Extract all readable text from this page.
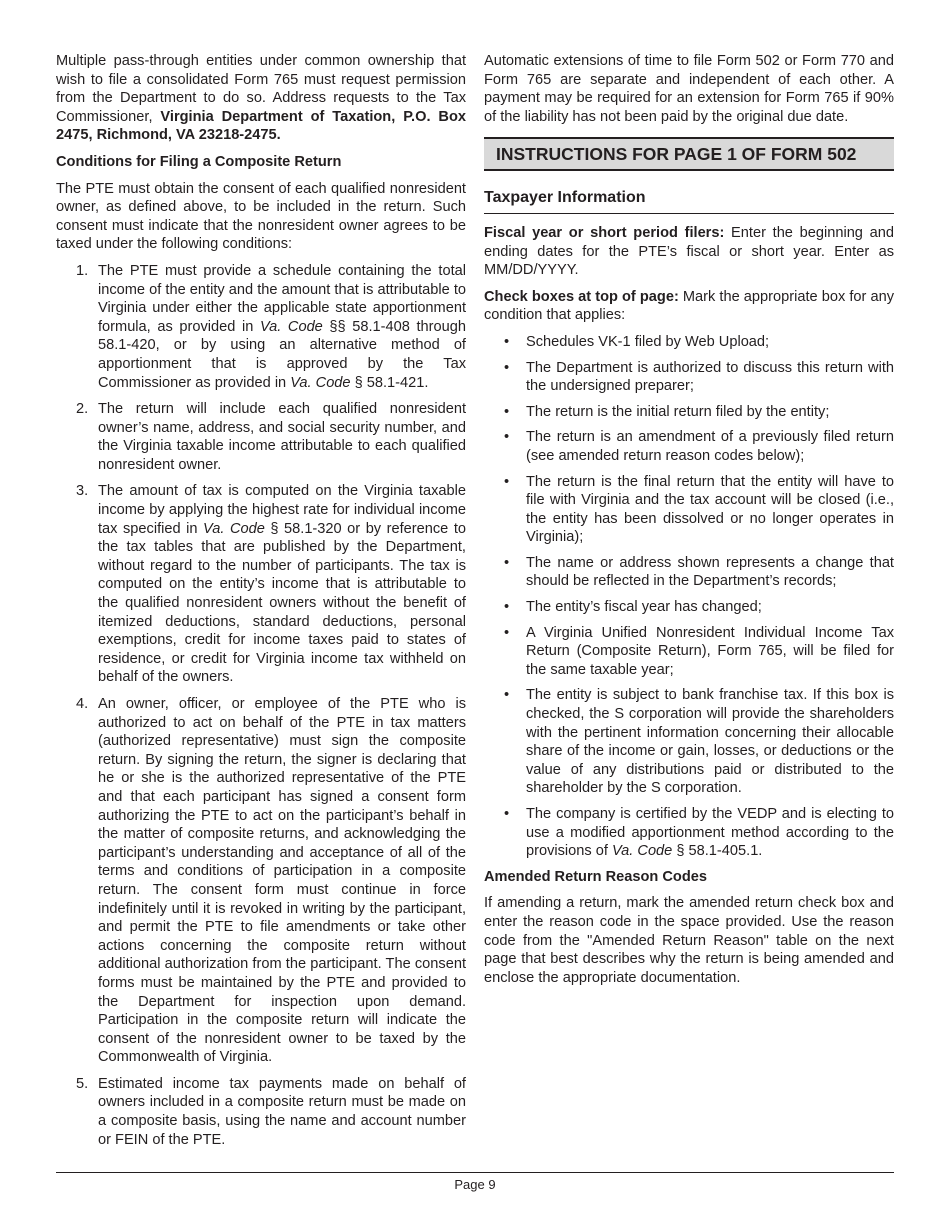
Multiple pass-through entities under common ownership that wish to file a consolidated Form 765 must request permission from the Department to do so. Address requests to the Tax Commissioner, Virginia Department of Taxation, P.O. Box 2475, Richmond, VA 23218-2475.

Conditions for Filing a Composite Return

The PTE must obtain the consent of each qualified nonresident owner, as defined above, to be included in the return. Such consent must indicate that the nonresident owner agrees to be taxed under the following conditions:

1. The PTE must provide a schedule containing the total income of the entity and the amount that is attributable to Virginia under either the applicable state apportionment formula, as provided in Va. Code §§ 58.1-408 through 58.1-420, or by using an alternative method of apportionment that is approved by the Tax Commissioner as provided in Va. Code § 58.1-421.
2. The return will include each qualified nonresident owner’s name, address, and social security number, and the Virginia taxable income attributable to each qualified nonresident owner.
3. The amount of tax is computed on the Virginia taxable income by applying the highest rate for individual income tax specified in Va. Code § 58.1-320 or by reference to the tax tables that are published by the Department, without regard to the number of participants. The tax is computed on the entity’s income that is attributable to the qualified nonresident owners without the benefit of itemized deductions, standard deductions, personal exemptions, credit for income taxes paid to states of residence, or credit for Virginia income tax withheld on behalf of the owners.
4. An owner, officer, or employee of the PTE who is authorized to act on behalf of the PTE in tax matters (authorized representative) must sign the composite return. By signing the return, the signer is declaring that he or she is the authorized representative of the PTE and that each participant has signed a consent form authorizing the PTE to act on the participant’s behalf in the matter of composite returns, and acknowledging the participant’s understanding and acceptance of all of the terms and conditions of participation in a composite return. The consent form must continue in force indefinitely until it is revoked in writing by the participant, and permit the PTE to file amendments or take other actions concerning the composite return without additional authorization from the participant. The consent forms must be maintained by the PTE and provided to the Department for inspection upon demand. Participation in the composite return will indicate the consent of the nonresident owner to be taxed by the Commonwealth of Virginia.
5. Estimated income tax payments made on behalf of owners included in a composite return must be made on a composite basis, using the name and account number or FEIN of the PTE.

Automatic extensions of time to file Form 502 or Form 770 and Form 765 are separate and independent of each other. A payment may be required for an extension for Form 765 if 90% of the liability has not been paid by the original due date.

INSTRUCTIONS FOR PAGE 1 OF FORM 502
Taxpayer Information

Fiscal year or short period filers: Enter the beginning and ending dates for the PTE’s fiscal or short year. Enter as MM/DD/YYYY.

Check boxes at top of page: Mark the appropriate box for any condition that applies:

• Schedules VK-1 filed by Web Upload;
• The Department is authorized to discuss this return with the undersigned preparer;
• The return is the initial return filed by the entity;
• The return is an amendment of a previously filed return (see amended return reason codes below);
• The return is the final return that the entity will have to file with Virginia and the tax account will be closed (i.e., the entity has been dissolved or no longer operates in Virginia);
• The name or address shown represents a change that should be reflected in the Department’s records;
• The entity’s fiscal year has changed;
• A Virginia Unified Nonresident Individual Income Tax Return (Composite Return), Form 765, will be filed for the same taxable year;
• The entity is subject to bank franchise tax. If this box is checked, the S corporation will provide the shareholders with the pertinent information concerning their allocable share of the income or gain, losses, or deductions or the value of any distributions paid or distributed to the shareholder by the S corporation.
• The company is certified by the VEDP and is electing to use a modified apportionment method according to the provisions of Va. Code § 58.1-405.1.
Amended Return Reason Codes

If amending a return, mark the amended return check box and enter the reason code in the space provided. Use the reason code from the "Amended Return Reason" table on the next page that best describes why the return is being amended and enclose the appropriate documentation.

Page 9
